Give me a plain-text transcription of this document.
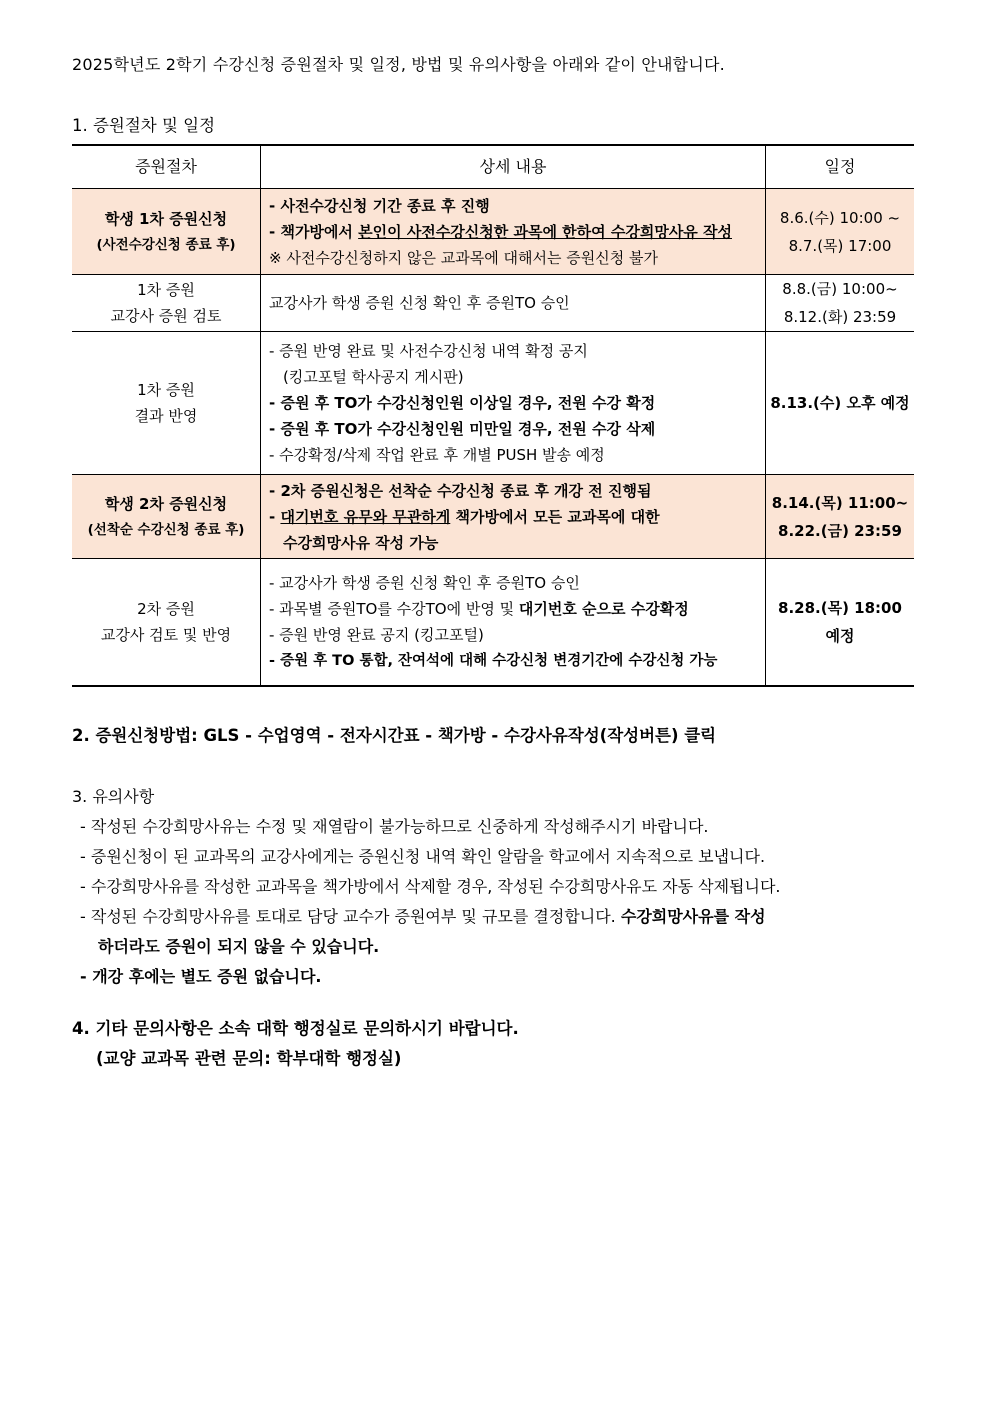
2025학년도 2학기 수강신청 증원절차 및 일정, 방법 및 유의사항을 아래와 같이 안내합니다.
1. 증원절차 및 일정
증원절차	상세 내용	일정

학생 1차 증원신청
(사전수강신청 종료 후)	- 사전수강신청 기간 종료 후 진행
- 책가방에서 본인이 사전수강신청한 과목에 한하여 수강희망사유 작성
※ 사전수강신청하지 않은 교과목에 대해서는 증원신청 불가	8.6.(수) 10:00 ~
8.7.(목) 17:00

1차 증원
교강사 증원 검토	교강사가 학생 증원 신청 확인 후 증원TO 승인	8.8.(금) 10:00~
8.12.(화) 23:59

1차 증원
결과 반영	- 증원 반영 완료 및 사전수강신청 내역 확정 공지
(킹고포털 학사공지 게시판)
- 증원 후 TO가 수강신청인원 이상일 경우, 전원 수강 확정
- 증원 후 TO가 수강신청인원 미만일 경우, 전원 수강 삭제
- 수강확정/삭제 작업 완료 후 개별 PUSH 발송 예정	8.13.(수) 오후 예정

학생 2차 증원신청
(선착순 수강신청 종료 후)	- 2차 증원신청은 선착순 수강신청 종료 후 개강 전 진행됨
- 대기번호 유무와 무관하게 책가방에서 모든 교과목에 대한
수강희망사유 작성 가능	8.14.(목) 11:00~
8.22.(금) 23:59

2차 증원
교강사 검토 및 반영	- 교강사가 학생 증원 신청 확인 후 증원TO 승인
- 과목별 증원TO를 수강TO에 반영 및 대기번호 순으로 수강확정
- 증원 반영 완료 공지 (킹고포털)
- 증원 후 TO 통합, 잔여석에 대해 수강신청 변경기간에 수강신청 가능	8.28.(목) 18:00
예정
2. 증원신청방법: GLS - 수업영역 - 전자시간표 - 책가방 - 수강사유작성(작성버튼) 클릭
3. 유의사항
- 작성된 수강희망사유는 수정 및 재열람이 불가능하므로 신중하게 작성해주시기 바랍니다.
- 증원신청이 된 교과목의 교강사에게는 증원신청 내역 확인 알람을 학교에서 지속적으로 보냅니다.
- 수강희망사유를 작성한 교과목을 책가방에서 삭제할 경우, 작성된 수강희망사유도 자동 삭제됩니다.
- 작성된 수강희망사유를 토대로 담당 교수가 증원여부 및 규모를 결정합니다. 수강희망사유를 작성
하더라도 증원이 되지 않을 수 있습니다.
- 개강 후에는 별도 증원 없습니다.
4. 기타 문의사항은 소속 대학 행정실로 문의하시기 바랍니다.
(교양 교과목 관련 문의: 학부대학 행정실)
